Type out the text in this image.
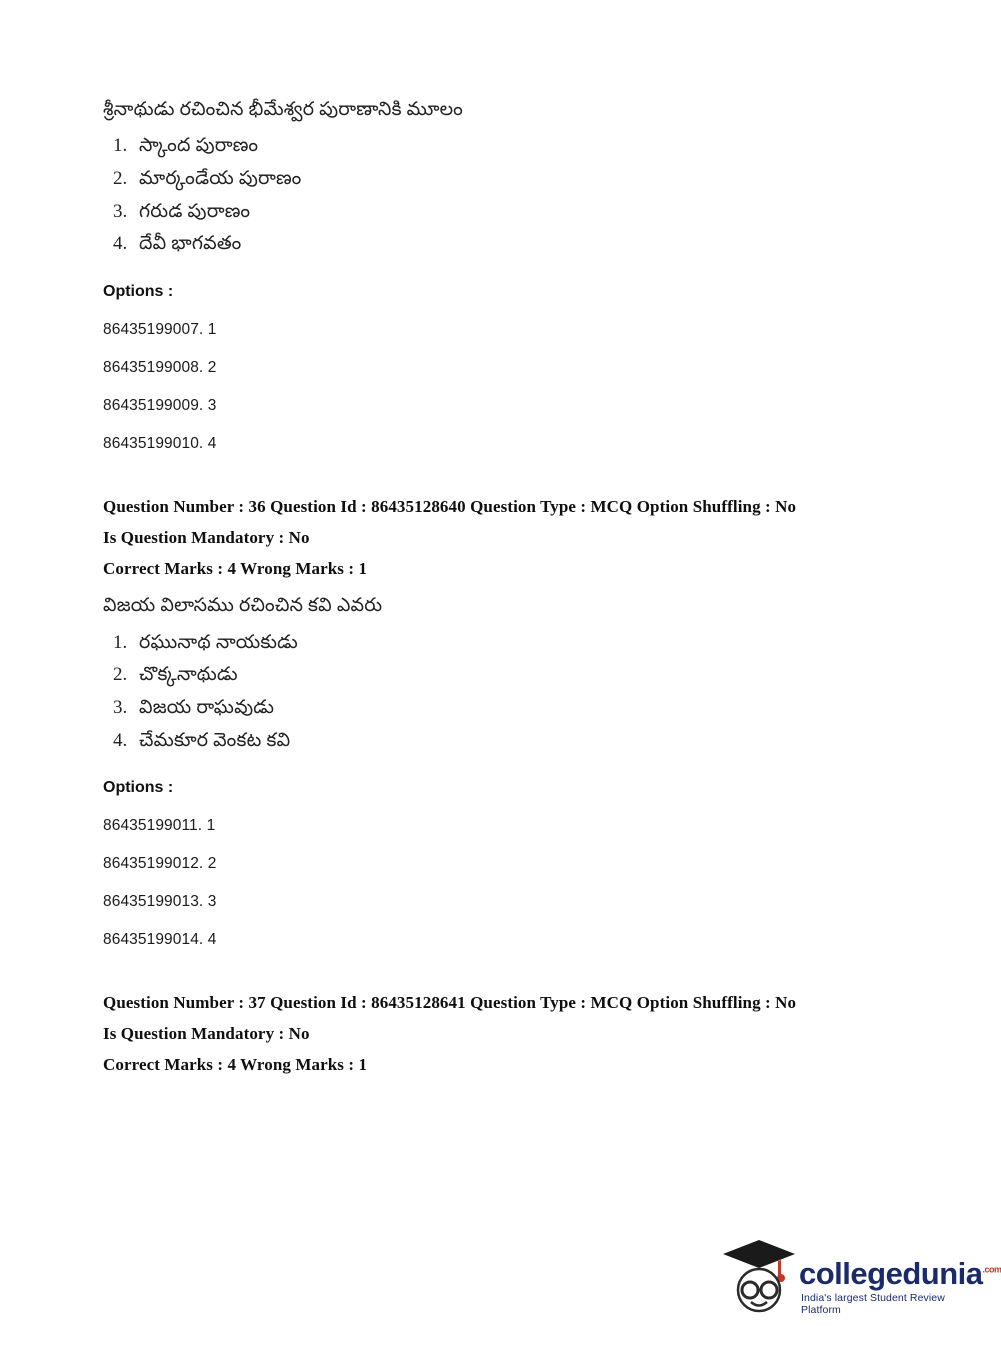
శ్రీనాథుడు రచించిన భీమేశ్వర పురాణానికి మూలం

1. స్కాంద పురాణం
2. మార్కండేయ పురాణం
3. గరుడ పురాణం
4. దేవీ భాగవతం

Options :

86435199007. 1

86435199008. 2

86435199009. 3

86435199010. 4

Question Number : 36 Question Id : 86435128640 Question Type : MCQ Option Shuffling : No

Is Question Mandatory : No

Correct Marks : 4 Wrong Marks : 1

విజయ విలాసము రచించిన కవి ఎవరు

1. రఘునాథ నాయకుడు
2. చొక్కనాథుడు
3. విజయ రాఘవుడు
4. చేమకూర వెంకట కవి

Options :

86435199011. 1

86435199012. 2

86435199013. 3

86435199014. 4

Question Number : 37 Question Id : 86435128641 Question Type : MCQ Option Shuffling : No

Is Question Mandatory : No

Correct Marks : 4 Wrong Marks : 1

collegedunia$^{.com}$
India's largest Student Review Platform
